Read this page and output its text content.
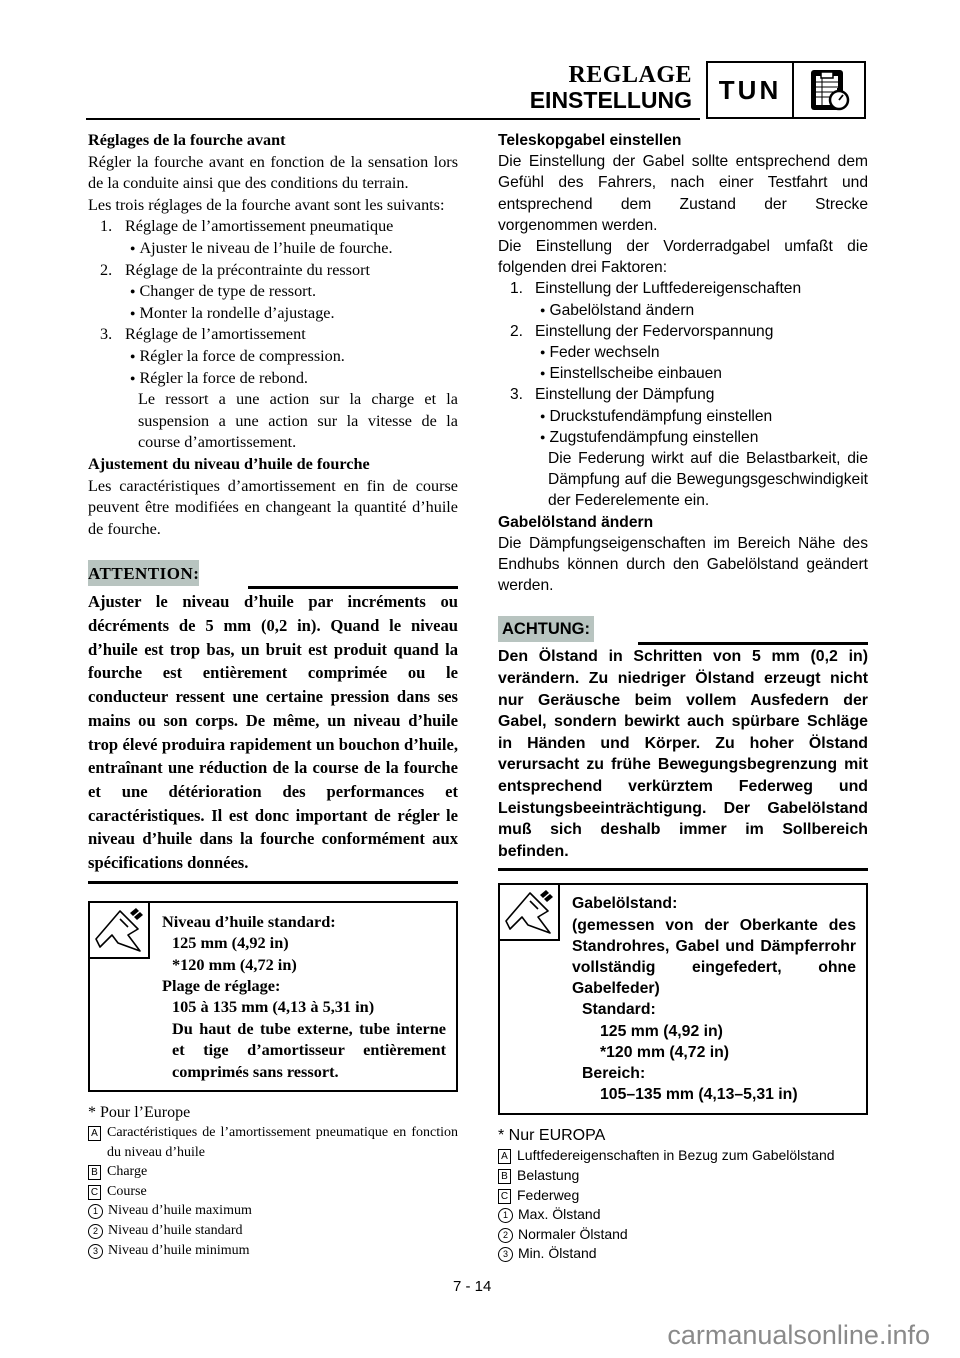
REGLAGE
EINSTELLUNG	TUN

Réglages de la fourche avant

Régler la fourche avant en fonction de la sensation lors de la conduite ainsi que des conditions du terrain.

Les trois réglages de la fourche avant sont les suivants:

1. Réglage de l’amortissement pneumatique
● Ajuster le niveau de l’huile de fourche.
2. Réglage de la précontrainte du ressort
● Changer de type de ressort.
● Monter la rondelle d’ajustage.
3. Réglage de l’amortissement
● Régler la force de compression.
● Régler la force de rebond.

Le ressort a une action sur la charge et la suspension a une action sur la vitesse de la course d’amortissement.

Ajustement du niveau d’huile de fourche

Les caractéristiques d’amortissement en fin de course peuvent être modifiées en changeant la quantité d’huile de fourche.

ATTENTION:

Ajuster le niveau d’huile par incréments ou décréments de 5 mm (0,2 in). Quand le niveau d’huile est trop bas, un bruit est produit quand la fourche est entièrement comprimée ou le conducteur ressent une certaine pression dans ses mains ou son corps. De même, un niveau d’huile trop élevé produira rapidement un bouchon d’huile, entraînant une réduction de la course de la fourche et une détérioration des performances et caractéristiques. Il est donc important de régler le niveau d’huile dans la fourche conformément aux spécifications données.

Niveau d’huile standard:
125 mm (4,92 in)
*120 mm (4,72 in)
Plage de réglage:
105 à 135 mm (4,13 à 5,31 in)

Du haut de tube externe, tube interne et tige d’amortisseur entièrement comprimés sans ressort.

* Pour l’Europe
A Caractéristiques de l’amortissement pneumatique en fonction du niveau d’huile
B Charge
C Course
1 Niveau d’huile maximum
2 Niveau d’huile standard
3 Niveau d’huile minimum

Teleskopgabel einstellen

Die Einstellung der Gabel sollte entsprechend dem Gefühl des Fahrers, nach einer Testfahrt und entsprechend dem Zustand der Strecke vorgenommen werden.

Die Einstellung der Vorderradgabel umfaßt die folgenden drei Faktoren:

1. Einstellung der Luftfedereigenschaften
● Gabelölstand ändern
2. Einstellung der Federvorspannung
● Feder wechseln
● Einstellscheibe einbauen
3. Einstellung der Dämpfung
● Druckstufendämpfung einstellen
● Zugstufendämpfung einstellen

Die Federung wirkt auf die Belastbarkeit, die Dämpfung auf die Bewegungsgeschwindigkeit der Federelemente ein.

Gabelölstand ändern

Die Dämpfungseigenschaften im Bereich Nähe des Endhubs können durch den Gabelölstand geändert werden.

ACHTUNG:

Den Ölstand in Schritten von 5 mm (0,2 in) verändern. Zu niedriger Ölstand erzeugt nicht nur Geräusche beim vollem Ausfedern der Gabel, sondern bewirkt auch spürbare Schläge in Händen und Körper. Zu hoher Ölstand verursacht zu frühe Bewegungsbegrenzung mit entsprechend verkürztem Federweg und Leistungsbeeinträchtigung. Der Gabelölstand muß sich deshalb immer im Sollbereich befinden.

Gabelölstand:

(gemessen von der Oberkante des Standrohres, Gabel und Dämpferrohr vollständig eingefedert, ohne Gabelfeder)

Standard:
125 mm (4,92 in)
*120 mm (4,72 in)
Bereich:
105–135 mm (4,13–5,31 in)
* Nur EUROPA
A Luftfedereigenschaften in Bezug zum Gabelölstand
B Belastung
C Federweg
1 Max. Ölstand
2 Normaler Ölstand
3 Min. Ölstand
7 - 14
carmanualsonline.info
